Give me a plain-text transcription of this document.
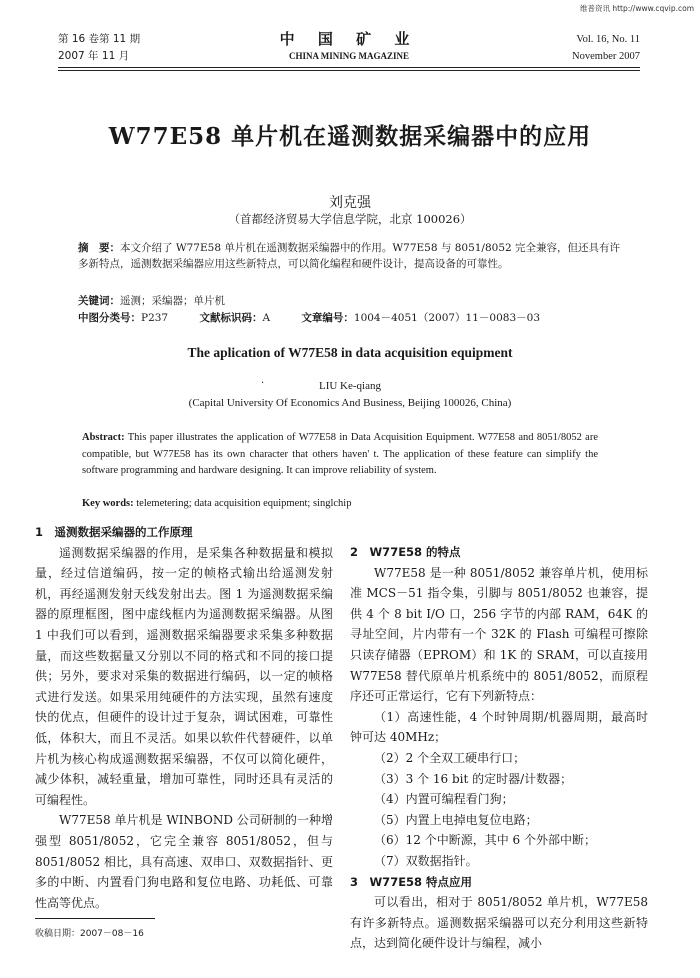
维普资讯 http://www.cqvip.com
第 16 卷第 11 期
2007 年 11 月
中 国 矿 业
CHINA MINING MAGAZINE
Vol. 16, No. 11
November 2007
W77E58 单片机在遥测数据采编器中的应用
刘克强
（首都经济贸易大学信息学院，北京 100026）
摘　要：本文介绍了 W77E58 单片机在遥测数据采编器中的作用。W77E58 与 8051/8052 完全兼容，但还具有许多新特点，遥测数据采编器应用这些新特点，可以简化编程和硬件设计，提高设备的可靠性。
关键词：遥测；采编器；单片机
中图分类号：P237	文献标识码：A	文章编号：1004－4051（2007）11－0083－03
The aplication of W77E58 in data acquisition equipment
·	LIU Ke-qiang
(Capital University Of Economics And Business, Beijing 100026, China)
Abstract: This paper illustrates the application of W77E58 in Data Acquisition Equipment. W77E58 and 8051/8052 are compatible, but W77E58 has its own character that others haven' t. The application of these feature can simplify the software programming and hardware designing. It can improve reliability of system.
Key words: telemetering; data acquisition equipment; singlchip
1　遥测数据采编器的工作原理

遥测数据采编器的作用，是采集各种数据量和模拟量，经过信道编码，按一定的帧格式输出给遥测发射机，再经遥测发射天线发射出去。图 1 为遥测数据采编器的原理框图，图中虚线框内为遥测数据采编器。从图 1 中我们可以看到，遥测数据采编器要求采集多种数据量，而这些数据量又分别以不同的格式和不同的接口提供；另外，要求对采集的数据进行编码，以一定的帧格式进行发送。如果采用纯硬件的方法实现，虽然有速度快的优点，但硬件的设计过于复杂，调试困难，可靠性低，体积大，而且不灵活。如果以软件代替硬件，以单片机为核心构成遥测数据采编器，不仅可以简化硬件，减少体积，减轻重量，增加可靠性，同时还具有灵活的可编程性。

W77E58 单片机是 WINBOND 公司研制的一种增强型 8051/8052，它完全兼容 8051/8052，但与 8051/8052 相比，具有高速、双串口、双数据指针、更多的中断、内置看门狗电路和复位电路、功耗低、可靠性高等优点。

收稿日期：2007－08－16
2　W77E58 的特点

W77E58 是一种 8051/8052 兼容单片机，使用标准 MCS－51 指令集，引脚与 8051/8052 也兼容，提供 4 个 8 bit I/O 口，256 字节的内部 RAM，64K 的寻址空间，片内带有一个 32K 的 Flash 可编程可擦除只读存储器（EPROM）和 1K 的 SRAM，可以直接用 W77E58 替代原单片机系统中的 8051/8052，而原程序还可正常运行，它有下列新特点：

（1）高速性能，4 个时钟周期/机器周期，最高时钟可达 40MHz；

（2）2 个全双工硬串行口；

（3）3 个 16 bit 的定时器/计数器；

（4）内置可编程看门狗；

（5）内置上电掉电复位电路；

（6）12 个中断源，其中 6 个外部中断；

（7）双数据指针。

3　W77E58 特点应用

可以看出，相对于 8051/8052 单片机，W77E58 有许多新特点。遥测数据采编器可以充分利用这些新特点，达到简化硬件设计与编程，减小
